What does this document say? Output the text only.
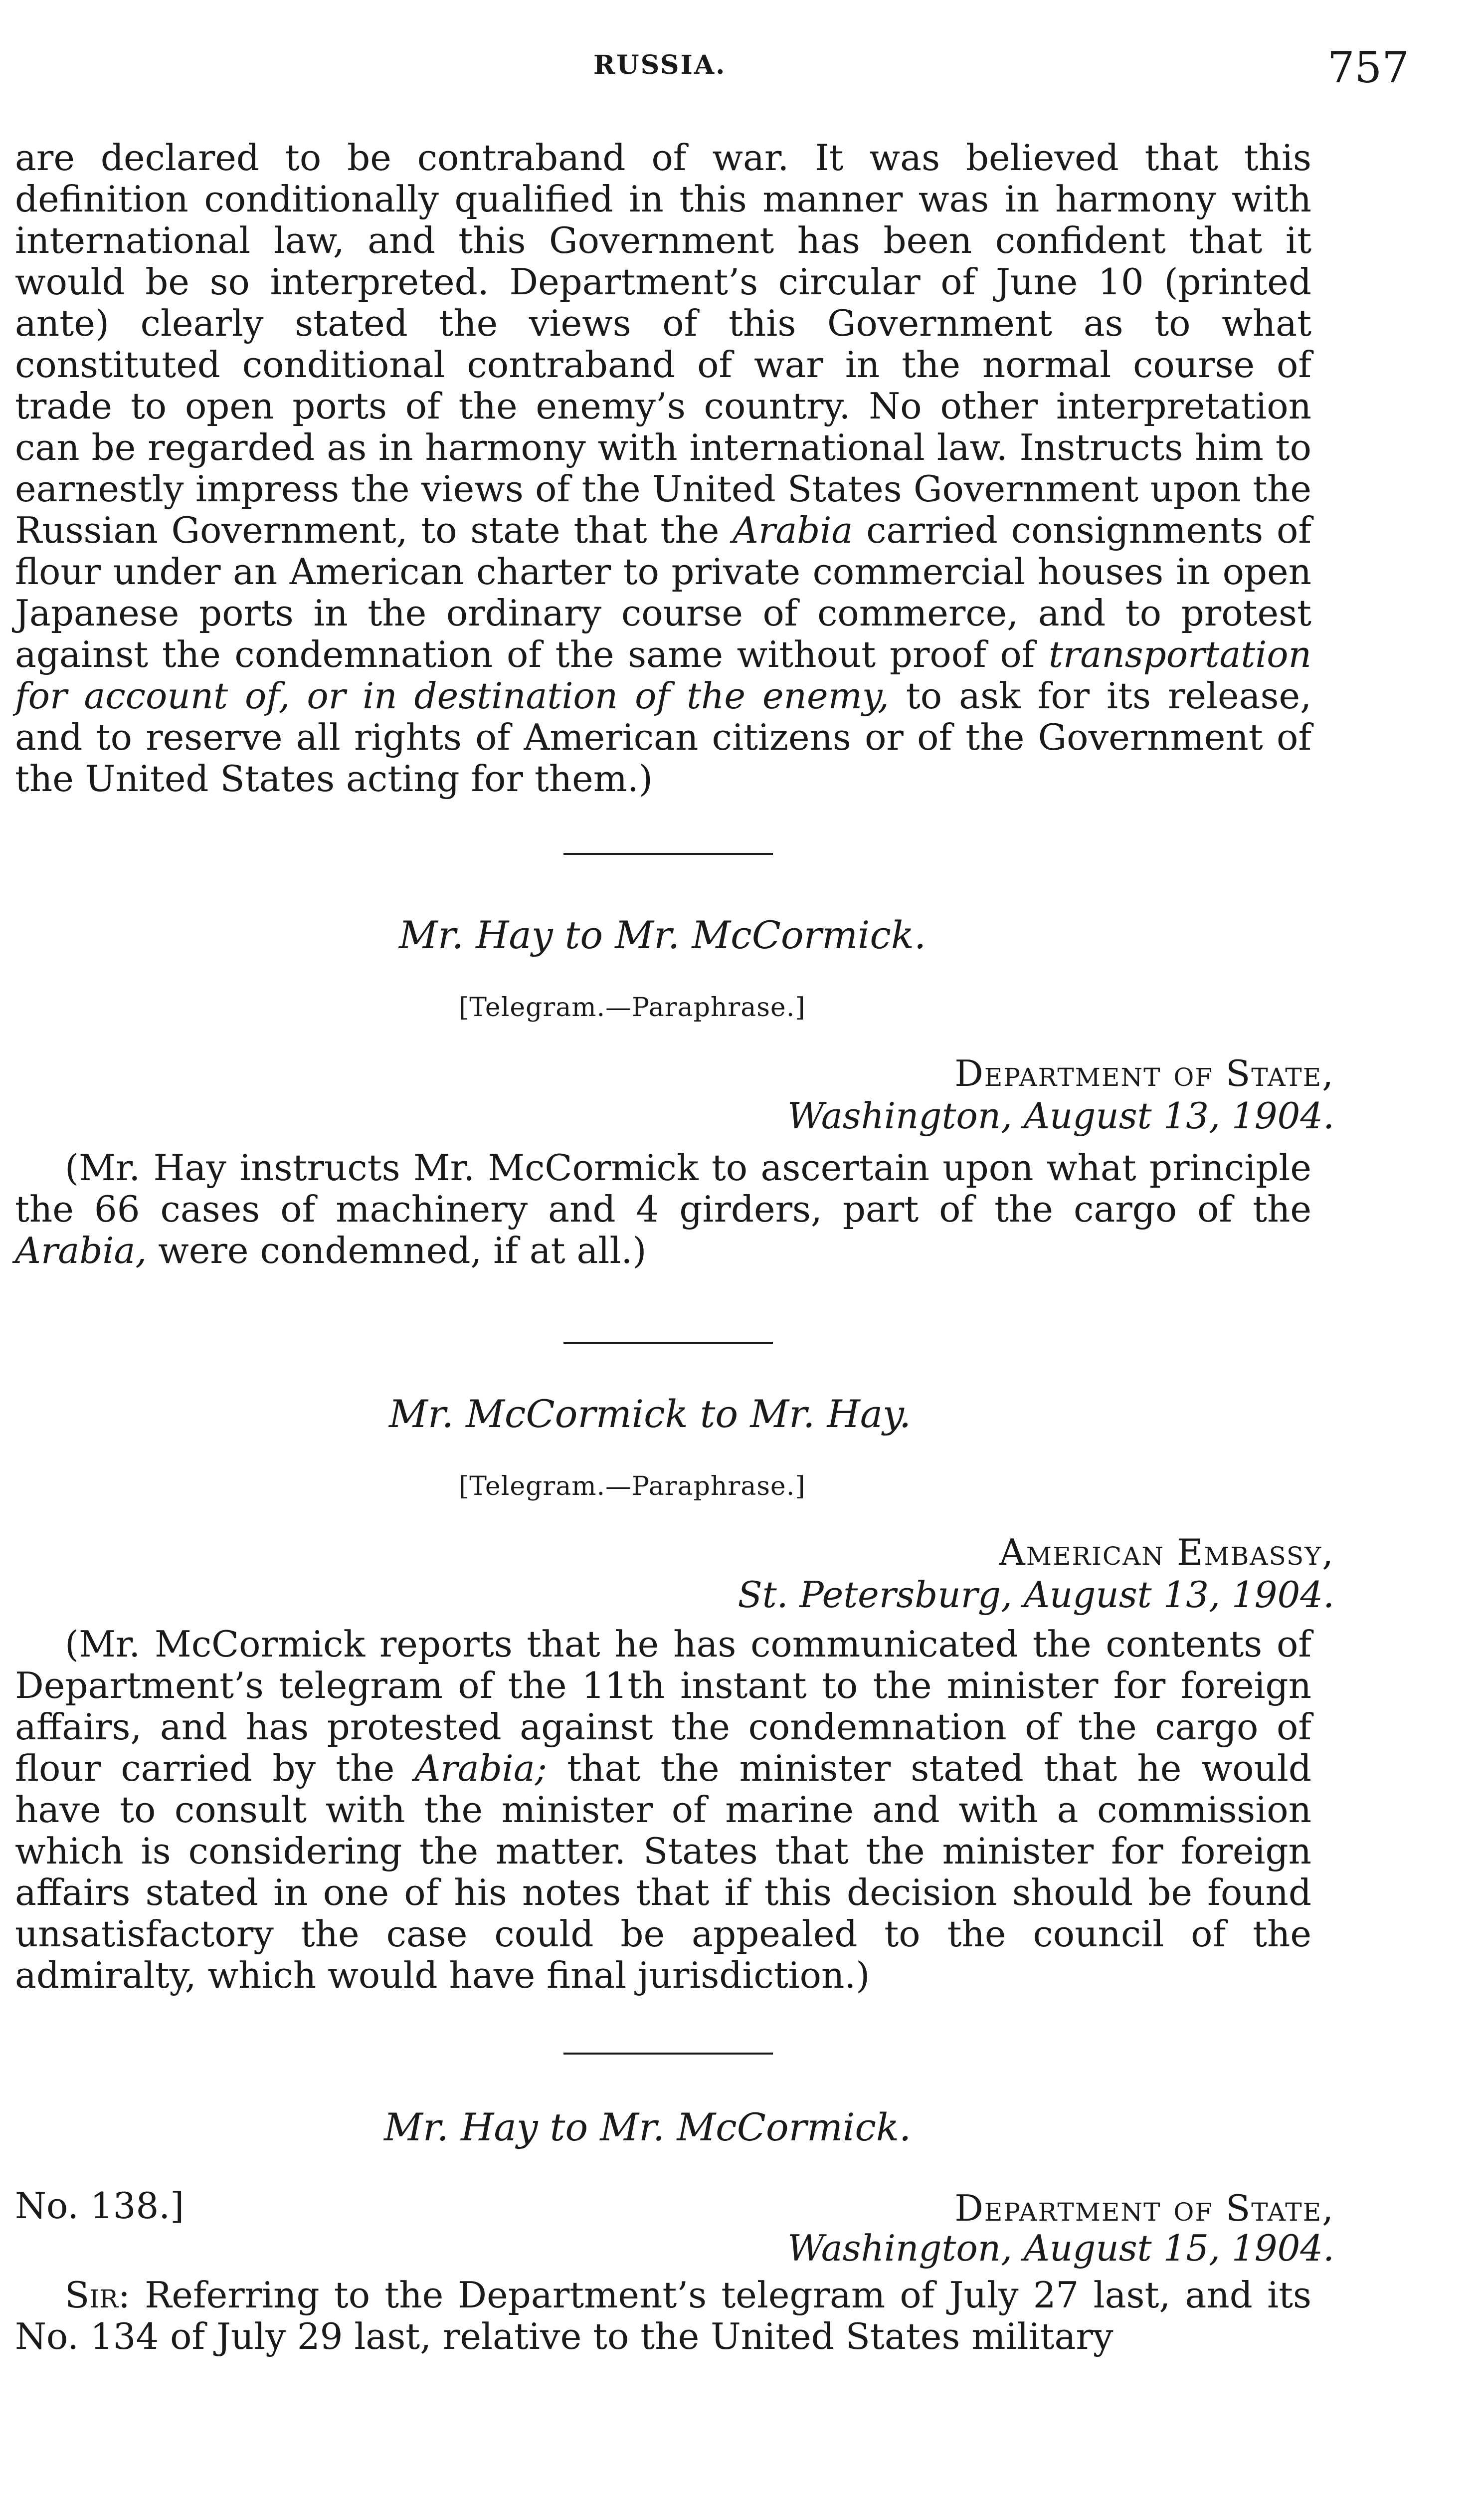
RUSSIA.	757
are declared to be contraband of war. It was believed that this definition conditionally qualified in this manner was in harmony with international law, and this Government has been confident that it would be so interpreted. Department’s circular of June 10 (printed ante) clearly stated the views of this Government as to what constituted conditional contraband of war in the normal course of trade to open ports of the enemy’s country. No other interpretation can be regarded as in harmony with international law. Instructs him to earnestly impress the views of the United States Government upon the Russian Government, to state that the Arabia carried consignments of flour under an American charter to private commercial houses in open Japanese ports in the ordinary course of commerce, and to protest against the condemnation of the same without proof of transportation for account of, or in destination of the enemy, to ask for its release, and to reserve all rights of American citizens or of the Government of the United States acting for them.)
Mr. Hay to Mr. McCormick.
[Telegram.—Paraphrase.]
Department of State,
Washington, August 13, 1904.
(Mr. Hay instructs Mr. McCormick to ascertain upon what principle the 66 cases of machinery and 4 girders, part of the cargo of the Arabia, were condemned, if at all.)
Mr. McCormick to Mr. Hay.
[Telegram.—Paraphrase.]
American Embassy,
St. Petersburg, August 13, 1904.
(Mr. McCormick reports that he has communicated the contents of Department’s telegram of the 11th instant to the minister for foreign affairs, and has protested against the condemnation of the cargo of flour carried by the Arabia; that the minister stated that he would have to consult with the minister of marine and with a commission which is considering the matter. States that the minister for foreign affairs stated in one of his notes that if this decision should be found unsatisfactory the case could be appealed to the council of the admiralty, which would have final jurisdiction.)
Mr. Hay to Mr. McCormick.
No. 138.]	Department of State,
Washington, August 15, 1904.
Sir: Referring to the Department’s telegram of July 27 last, and its No. 134 of July 29 last, relative to the United States military
